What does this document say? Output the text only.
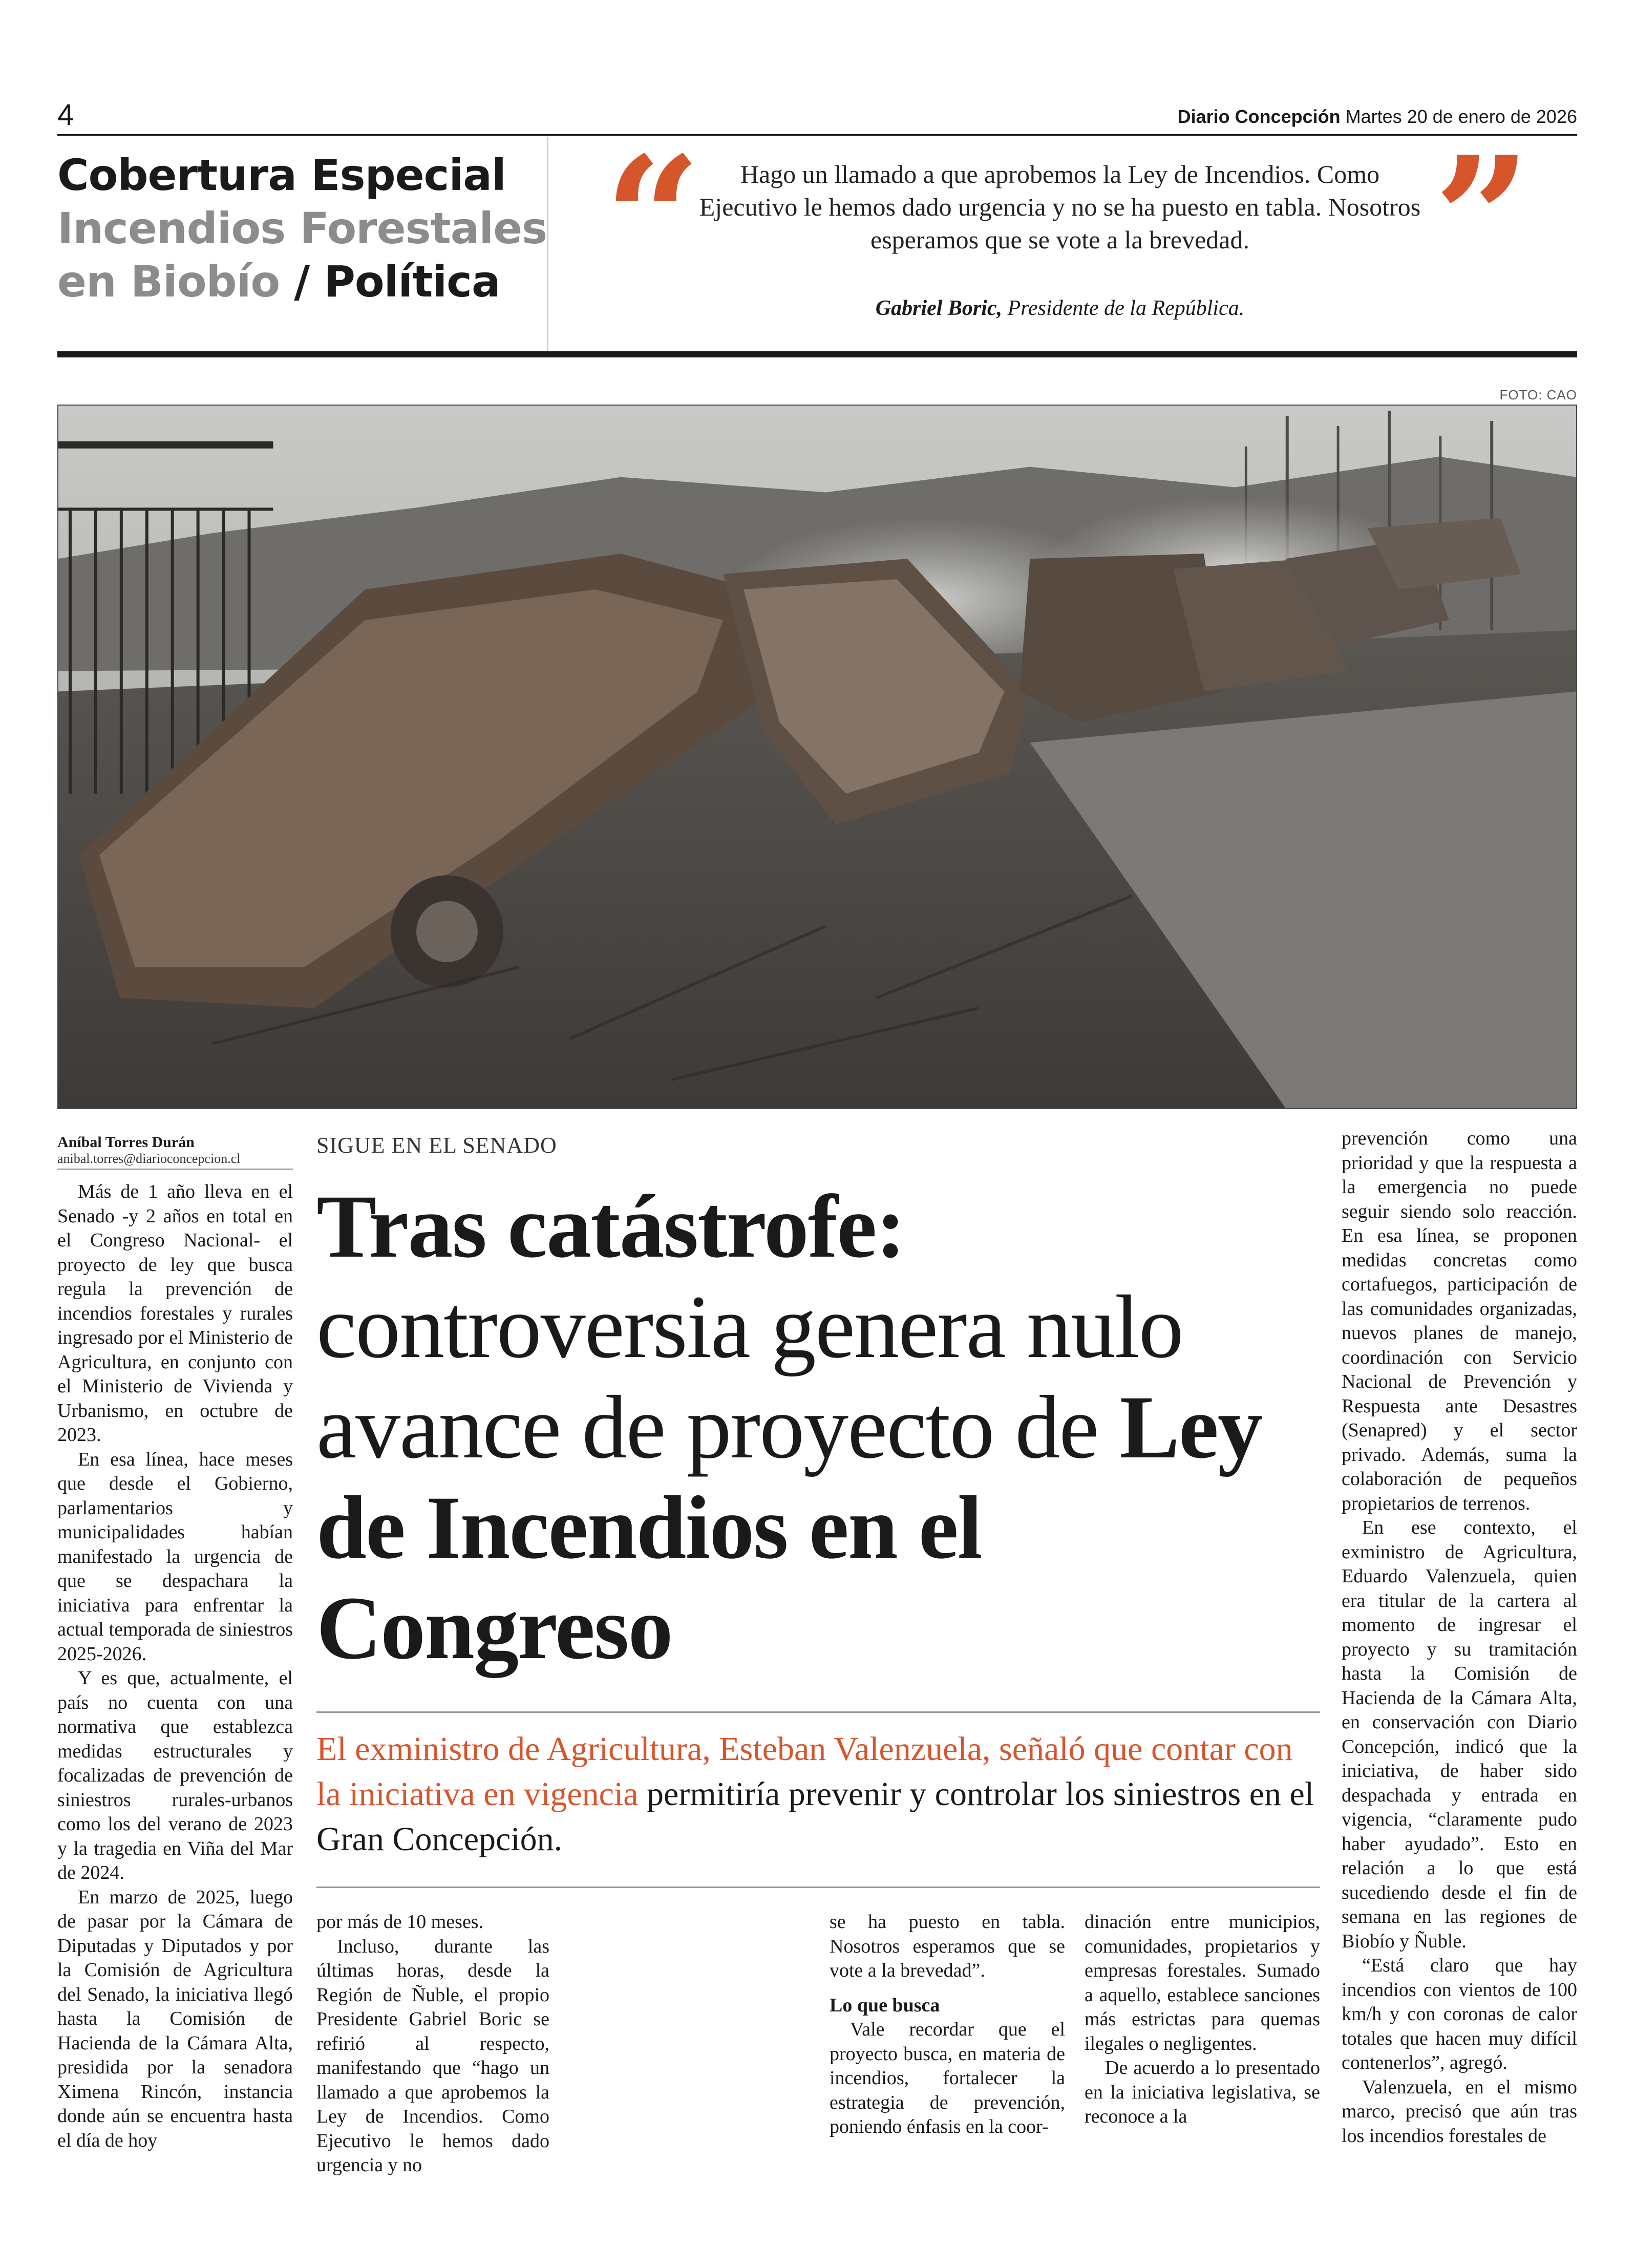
4	Diario Concepción Martes 20 de enero de 2026
Cobertura Especial
Incendios Forestales
en Biobío / Política “	Hago un llamado a que aprobemos la Ley de Incendios. Como Ejecutivo le hemos dado urgencia y no se ha puesto en tabla. Nosotros esperamos que se vote a la brevedad.	”
Gabriel Boric, Presidente de la República.
FOTO: CAO
Aníbal Torres Durán
anibal.torres@diarioconcepcion.cl
SIGUE EN EL SENADO
Tras catástrofe: controversia genera nulo avance de proyecto de Ley de Incendios en el Congreso
El exministro de Agricultura, Esteban Valenzuela, señaló que contar con la iniciativa en vigencia permitiría prevenir y controlar los siniestros en el Gran Concepción.

Más de 1 año lleva en el Senado -y 2 años en total en el Congreso Nacional- el proyecto de ley que busca regula la prevención de incendios forestales y rurales ingresado por el Ministerio de Agricultura, en conjunto con el Ministerio de Vivienda y Urbanismo, en octubre de 2023.

En esa línea, hace meses que desde el Gobierno, parlamentarios y municipalidades habían manifestado la urgencia de que se despachara la iniciativa para enfrentar la actual temporada de siniestros 2025-2026.

Y es que, actualmente, el país no cuenta con una normativa que establezca medidas estructurales y focalizadas de prevención de siniestros rurales-urbanos como los del verano de 2023 y la tragedia en Viña del Mar de 2024.

En marzo de 2025, luego de pasar por la Cámara de Diputadas y Diputados y por la Comisión de Agricultura del Senado, la iniciativa llegó hasta la Comisión de Hacienda de la Cámara Alta, presidida por la senadora Ximena Rincón, instancia donde aún se encuentra hasta el día de hoy

por más de 10 meses.

Incluso, durante las últimas horas, desde la Región de Ñuble, el propio Presidente Gabriel Boric se refirió al respecto, manifestando que “hago un llamado a que aprobemos la Ley de Incendios. Como Ejecutivo le hemos dado urgencia y no

se ha puesto en tabla. Nosotros esperamos que se vote a la brevedad”.

Lo que busca

Vale recordar que el proyecto busca, en materia de incendios, fortalecer la estrategia de prevención, poniendo énfasis en la coor-

dinación entre municipios, comunidades, propietarios y empresas forestales. Sumado a aquello, establece sanciones más estrictas para quemas ilegales o negligentes.

De acuerdo a lo presentado en la iniciativa legislativa, se reconoce a la

prevención como una prioridad y que la respuesta a la emergencia no puede seguir siendo solo reacción. En esa línea, se proponen medidas concretas como cortafuegos, participación de las comunidades organizadas, nuevos planes de manejo, coordinación con Servicio Nacional de Prevención y Respuesta ante Desastres (Senapred) y el sector privado. Además, suma la colaboración de pequeños propietarios de terrenos.

En ese contexto, el exministro de Agricultura, Eduardo Valenzuela, quien era titular de la cartera al momento de ingresar el proyecto y su tramitación hasta la Comisión de Hacienda de la Cámara Alta, en conservación con Diario Concepción, indicó que la iniciativa, de haber sido despachada y entrada en vigencia, “claramente pudo haber ayudado”. Esto en relación a lo que está sucediendo desde el fin de semana en las regiones de Biobío y Ñuble.

“Está claro que hay incendios con vientos de 100 km/h y con coronas de calor totales que hacen muy difícil contenerlos”, agregó.

Valenzuela, en el mismo marco, precisó que aún tras los incendios forestales de
